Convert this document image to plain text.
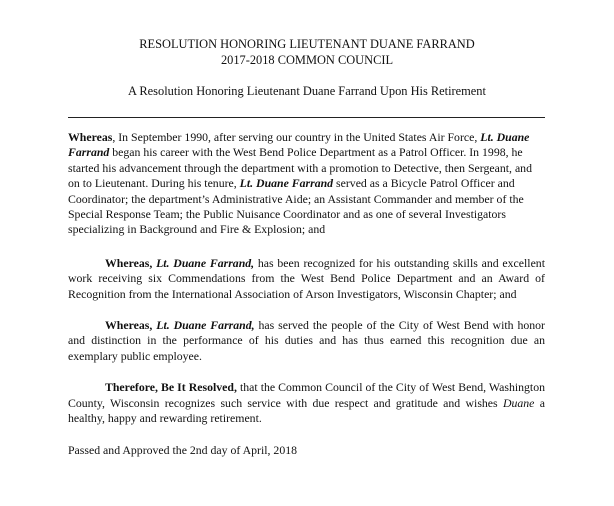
RESOLUTION HONORING LIEUTENANT DUANE FARRAND
2017-2018 COMMON COUNCIL
A Resolution Honoring Lieutenant Duane Farrand Upon His Retirement

Whereas, In September 1990, after serving our country in the United States Air Force, Lt. Duane Farrand began his career with the West Bend Police Department as a Patrol Officer. In 1998, he started his advancement through the department with a promotion to Detective, then Sergeant, and on to Lieutenant. During his tenure, Lt. Duane Farrand served as a Bicycle Patrol Officer and Coordinator; the department’s Administrative Aide; an Assistant Commander and member of the Special Response Team; the Public Nuisance Coordinator and as one of several Investigators specializing in Background and Fire & Explosion; and

Whereas, Lt. Duane Farrand, has been recognized for his outstanding skills and excellent work receiving six Commendations from the West Bend Police Department and an Award of Recognition from the International Association of Arson Investigators, Wisconsin Chapter; and

Whereas, Lt. Duane Farrand, has served the people of the City of West Bend with honor and distinction in the performance of his duties and has thus earned this recognition due an exemplary public employee.

Therefore, Be It Resolved, that the Common Council of the City of West Bend, Washington County, Wisconsin recognizes such service with due respect and gratitude and wishes Duane a healthy, happy and rewarding retirement.

Passed and Approved the 2nd day of April, 2018
